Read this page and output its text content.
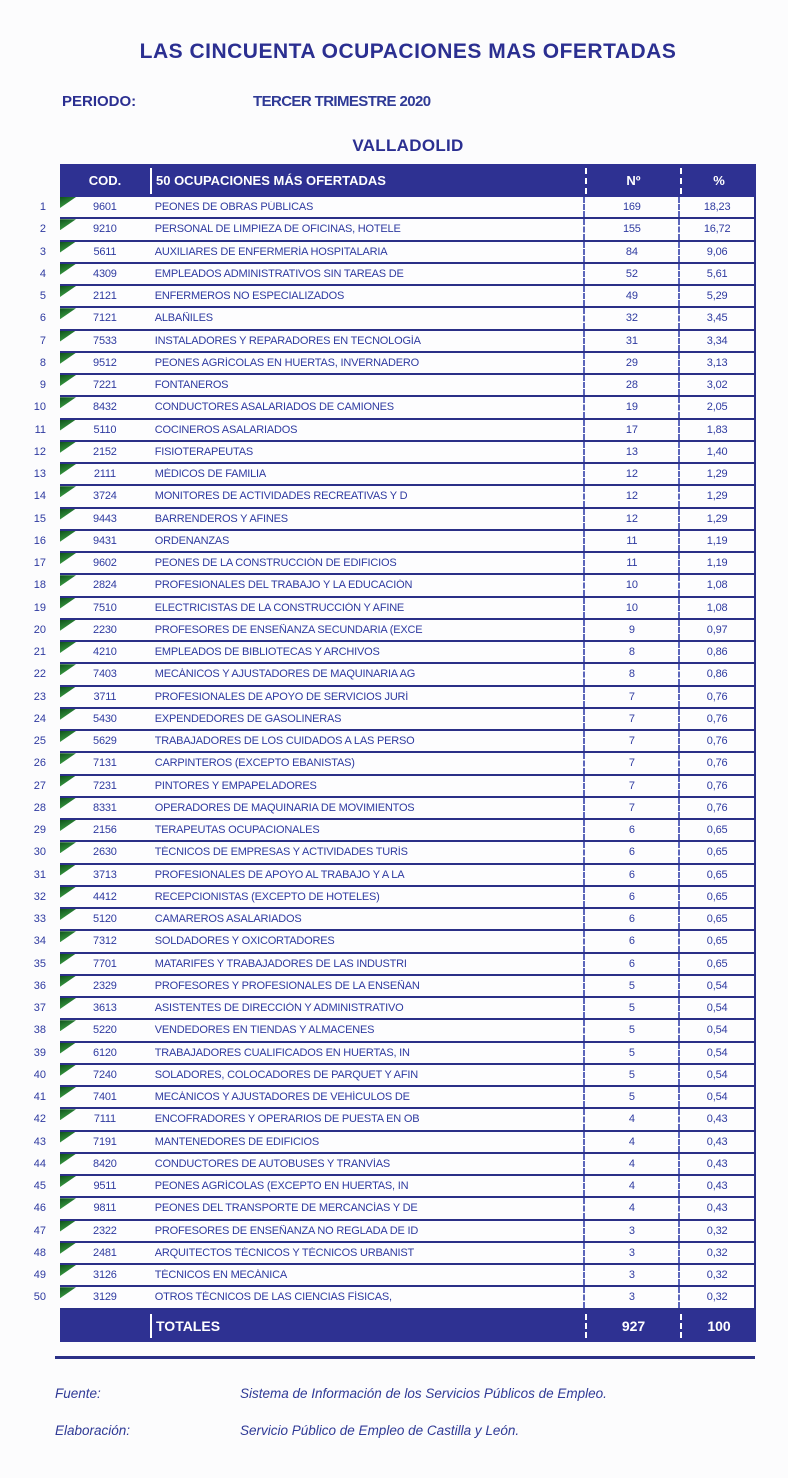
LAS CINCUENTA OCUPACIONES MAS OFERTADAS
PERIODO:	TERCER TRIMESTRE 2020
VALLADOLID
COD.	50 OCUPACIONES MÁS OFERTADAS	Nº	%
1	9601	PEONES DE OBRAS PÚBLICAS	169	18,23
2	9210	PERSONAL DE LIMPIEZA DE OFICINAS, HOTELE	155	16,72
3	5611	AUXILIARES DE ENFERMERÍA HOSPITALARIA	84	9,06
4	4309	EMPLEADOS ADMINISTRATIVOS SIN TAREAS DE	52	5,61
5	2121	ENFERMEROS NO ESPECIALIZADOS	49	5,29
6	7121	ALBAÑILES	32	3,45
7	7533	INSTALADORES Y REPARADORES EN TECNOLOGÍA	31	3,34
8	9512	PEONES AGRÍCOLAS EN HUERTAS, INVERNADERO	29	3,13
9	7221	FONTANEROS	28	3,02
10	8432	CONDUCTORES ASALARIADOS DE CAMIONES	19	2,05
11	5110	COCINEROS ASALARIADOS	17	1,83
12	2152	FISIOTERAPEUTAS	13	1,40
13	2111	MÉDICOS DE FAMILIA	12	1,29
14	3724	MONITORES DE ACTIVIDADES RECREATIVAS Y D	12	1,29
15	9443	BARRENDEROS Y AFINES	12	1,29
16	9431	ORDENANZAS	11	1,19
17	9602	PEONES DE LA CONSTRUCCIÓN DE EDIFICIOS	11	1,19
18	2824	PROFESIONALES DEL TRABAJO Y LA EDUCACIÓN	10	1,08
19	7510	ELECTRICISTAS DE LA CONSTRUCCIÓN Y AFINE	10	1,08
20	2230	PROFESORES DE ENSEÑANZA SECUNDARIA (EXCE	9	0,97
21	4210	EMPLEADOS DE BIBLIOTECAS Y ARCHIVOS	8	0,86
22	7403	MECÁNICOS Y AJUSTADORES DE MAQUINARIA AG	8	0,86
23	3711	PROFESIONALES DE APOYO DE SERVICIOS JURÍ	7	0,76
24	5430	EXPENDEDORES DE GASOLINERAS	7	0,76
25	5629	TRABAJADORES DE LOS CUIDADOS A LAS PERSO	7	0,76
26	7131	CARPINTEROS (EXCEPTO EBANISTAS)	7	0,76
27	7231	PINTORES Y EMPAPELADORES	7	0,76
28	8331	OPERADORES DE MAQUINARIA DE MOVIMIENTOS	7	0,76
29	2156	TERAPEUTAS OCUPACIONALES	6	0,65
30	2630	TÉCNICOS DE EMPRESAS Y ACTIVIDADES TURÍS	6	0,65
31	3713	PROFESIONALES DE APOYO AL TRABAJO Y A LA	6	0,65
32	4412	RECEPCIONISTAS (EXCEPTO DE HOTELES)	6	0,65
33	5120	CAMAREROS ASALARIADOS	6	0,65
34	7312	SOLDADORES Y OXICORTADORES	6	0,65
35	7701	MATARIFES Y TRABAJADORES DE LAS INDUSTRI	6	0,65
36	2329	PROFESORES Y PROFESIONALES DE LA ENSEÑAN	5	0,54
37	3613	ASISTENTES DE DIRECCIÓN Y ADMINISTRATIVO	5	0,54
38	5220	VENDEDORES EN TIENDAS Y ALMACENES	5	0,54
39	6120	TRABAJADORES CUALIFICADOS EN HUERTAS, IN	5	0,54
40	7240	SOLADORES, COLOCADORES DE PARQUET Y AFIN	5	0,54
41	7401	MECÁNICOS Y AJUSTADORES DE VEHÍCULOS DE	5	0,54
42	7111	ENCOFRADORES Y OPERARIOS DE PUESTA EN OB	4	0,43
43	7191	MANTENEDORES DE EDIFICIOS	4	0,43
44	8420	CONDUCTORES DE AUTOBUSES Y TRANVÍAS	4	0,43
45	9511	PEONES AGRÍCOLAS (EXCEPTO EN HUERTAS, IN	4	0,43
46	9811	PEONES DEL TRANSPORTE DE MERCANCÍAS Y DE	4	0,43
47	2322	PROFESORES DE ENSEÑANZA NO REGLADA DE ID	3	0,32
48	2481	ARQUITECTOS TÉCNICOS Y TÉCNICOS URBANIST	3	0,32
49	3126	TÉCNICOS EN MECÁNICA	3	0,32
50	3129	OTROS TÉCNICOS DE LAS CIENCIAS FÍSICAS,	3	0,32
TOTALES	927	100
Fuente:	Sistema de Información de los Servicios Públicos de Empleo.
Elaboración:	Servicio Público de Empleo de Castilla y León.
